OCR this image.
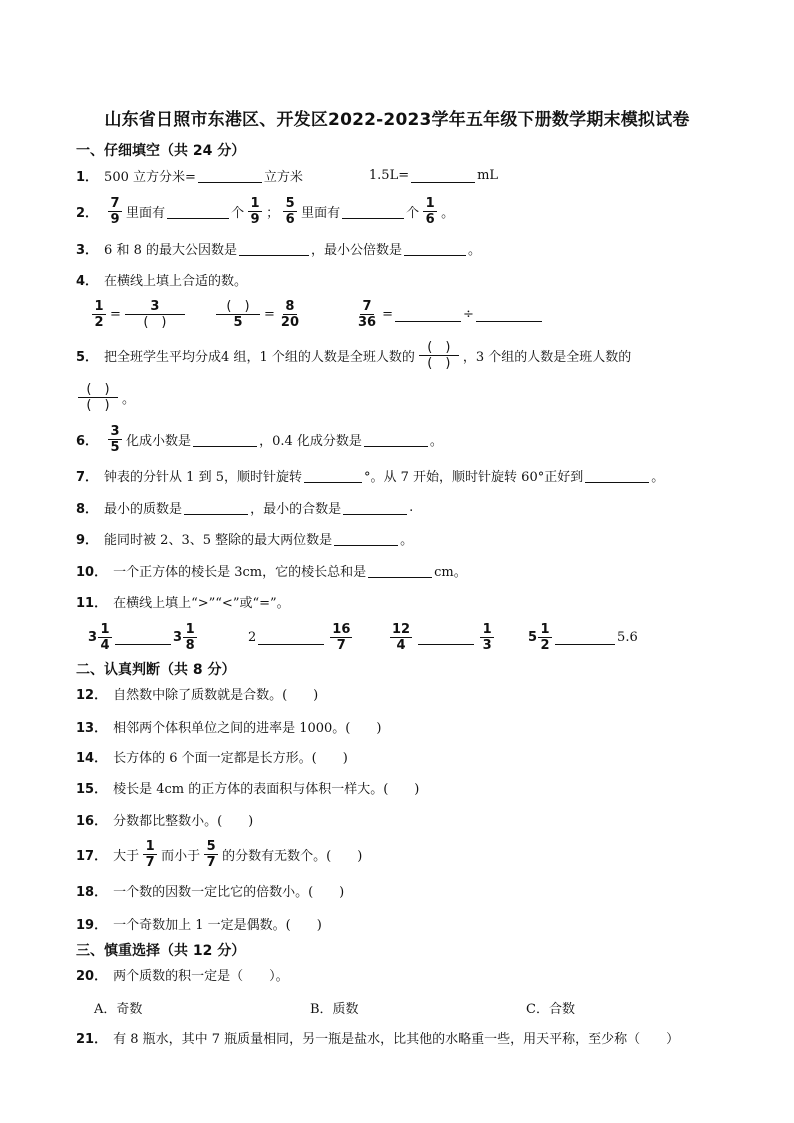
山东省日照市东港区、开发区2022-2023学年五年级下册数学期末模拟试卷
一、仔细填空（共 24 分）
1． 500 立方分米=	立方米	1.5L=	mL
2． $\frac{7}{9}$ 里面有	个 $\frac{1}{9}$ ； $\frac{5}{6}$ 里面有	个 $\frac{1}{6}$ 。
3． 6 和 8 的最大公因数是	，最小公倍数是	。
4． 在横线上填上合适的数。
$\frac{1}{2} = \frac{3}{( )} \frac{( )}{5} = \frac{8}{20}$	$\frac{7}{36}$ =	÷
5． 把全班学生平均分成4 组，1 个组的人数是全班人数的 $\frac{( )}{( )}$ ，3 个组的人数是全班人数的
$\frac{( )}{( )}$ 。
6． $\frac{3}{5}$ 化成小数是	，0.4 化成分数是	。
7． 钟表的分针从 1 到 5，顺时针旋转	°。从 7 开始，顺时针旋转 60°正好到	。
8． 最小的质数是	，最小的合数是	.
9． 能同时被 2、3、5 整除的最大两位数是	。
10． 一个正方体的棱长是 3cm，它的棱长总和是	cm。
11． 在横线上填上“>”“<”或“=”。
$3 \frac{1}{4}$	$3 \frac{1}{8}$	2	$\frac{16}{7}$	$\frac{12}{4}$	$\frac{1}{3}$	$5 \frac{1}{2}$	5.6
二、认真判断（共 8 分）
12． 自然数中除了质数就是合数。(　　)
13． 相邻两个体积单位之间的进率是 1000。(　　)
14． 长方体的 6 个面一定都是长方形。(　　)
15． 棱长是 4cm 的正方体的表面积与体积一样大。(　　)
16． 分数都比整数小。(　　)
17． 大于 $\frac{1}{7}$ 而小于 $\frac{5}{7}$ 的分数有无数个。(　　)
18． 一个数的因数一定比它的倍数小。(　　)
19． 一个奇数加上 1 一定是偶数。(　　)
三、慎重选择（共 12 分）
20． 两个质数的积一定是（　　）。
A．奇数	B．质数	C．合数
21． 有 8 瓶水，其中 7 瓶质量相同，另一瓶是盐水，比其他的水略重一些，用天平称，至少称（　　）
